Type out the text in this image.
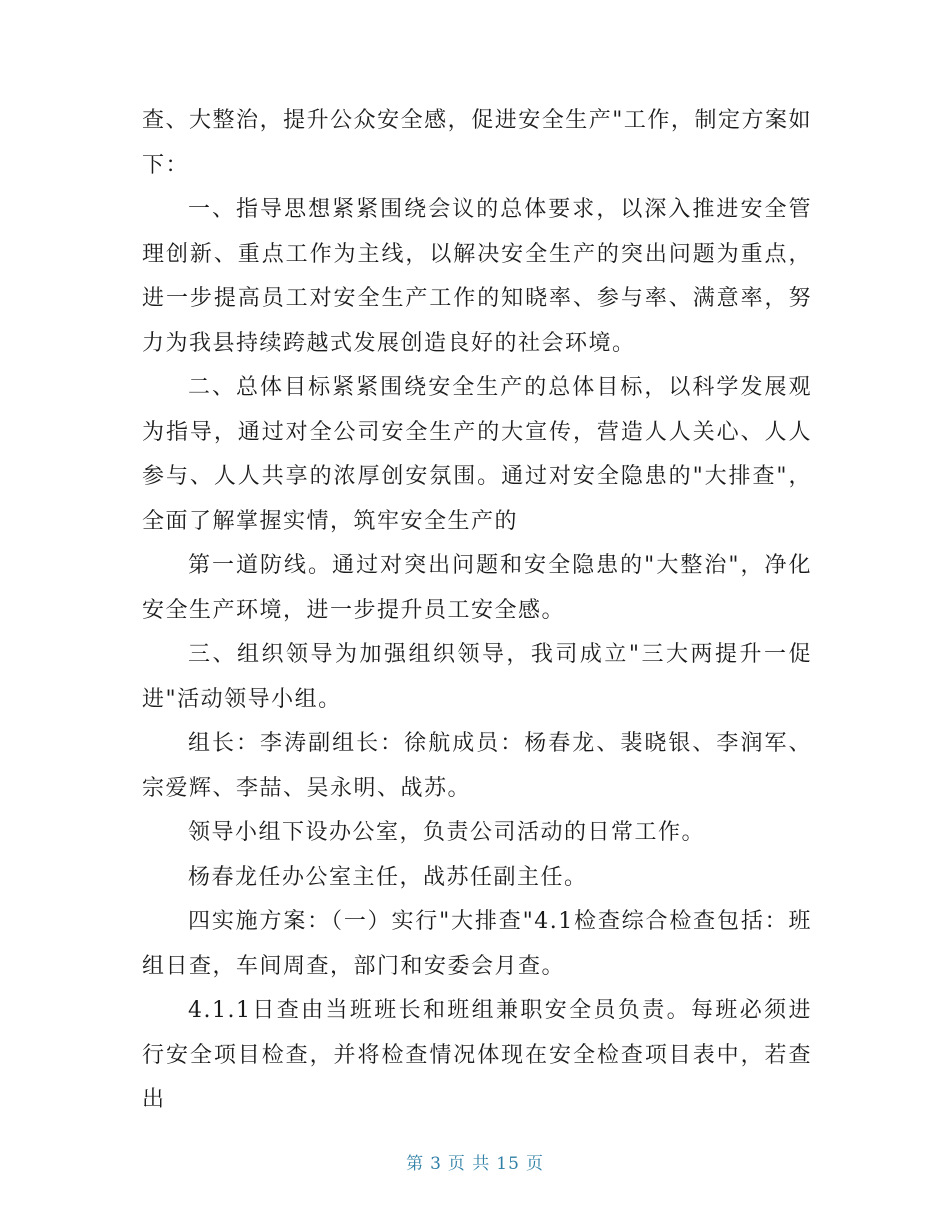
查、大整治，提升公众安全感，促进安全生产"工作，制定方案如下：

一、指导思想紧紧围绕会议的总体要求，以深入推进安全管理创新、重点工作为主线，以解决安全生产的突出问题为重点，进一步提高员工对安全生产工作的知晓率、参与率、满意率，努力为我县持续跨越式发展创造良好的社会环境。

二、总体目标紧紧围绕安全生产的总体目标，以科学发展观为指导，通过对全公司安全生产的大宣传，营造人人关心、人人参与、人人共享的浓厚创安氛围。通过对安全隐患的"大排查"，全面了解掌握实情，筑牢安全生产的

第一道防线。通过对突出问题和安全隐患的"大整治"，净化安全生产环境，进一步提升员工安全感。

三、组织领导为加强组织领导，我司成立"三大两提升一促进"活动领导小组。

组长：李涛副组长：徐航成员：杨春龙、裴晓银、李润军、宗爱辉、李喆、吴永明、战苏。

领导小组下设办公室，负责公司活动的日常工作。

杨春龙任办公室主任，战苏任副主任。

四实施方案：（一）实行"大排查"4.1检查综合检查包括：班组日查，车间周查，部门和安委会月查。

4.1.1日查由当班班长和班组兼职安全员负责。每班必须进行安全项目检查，并将检查情况体现在安全检查项目表中，若查出

第 3 页 共 15 页
